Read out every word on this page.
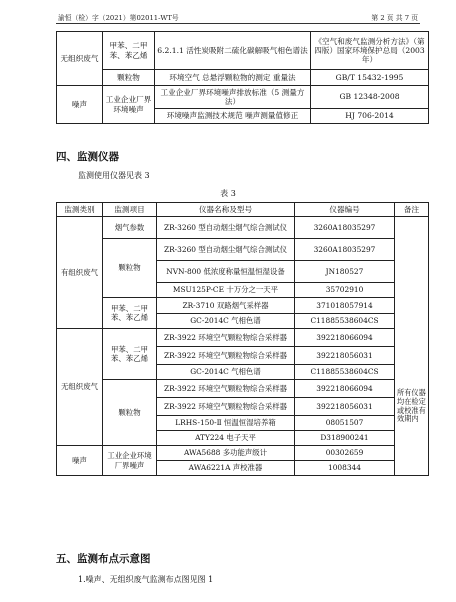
渝恒（检）字（2021）第02011-WT号	第 2 页 共 7 页
无组织废气	甲苯、二甲苯、苯乙烯	6.2.1.1 活性炭吸附二硫化碳解吸气相色谱法	《空气和废气监测分析方法》（第四版）国家环境保护总局（2003 年）
	颗粒物	环境空气 总悬浮颗粒物的测定 重量法	GB/T 15432-1995
噪声	工业企业厂界环境噪声	工业企业厂界环境噪声排放标准（5 测量方法）	GB 12348-2008
		环境噪声监测技术规范 噪声测量值修正	HJ 706-2014
四、监测仪器
监测使用仪器见表 3
表 3
监测类别	监测项目	仪器名称及型号	仪器编号	备注
有组织废气	烟气参数	ZR-3260 型自动烟尘烟气综合测试仪	3260A18035297	所有仪器均在检定或校准有效期内
	颗粒物	ZR-3260 型自动烟尘烟气综合测试仪	3260A18035297	
		NVN-800 低浓度称量恒温恒湿设备	JN180527	
		MSU125P-CE 十万分之一天平	35702910	
	甲苯、二甲苯、苯乙烯	ZR-3710 双路烟气采样器	371018057914	
		GC-2014C 气相色谱	C11885538604CS	
无组织废气	甲苯、二甲苯、苯乙烯	ZR-3922 环境空气颗粒物综合采样器	392218066094	
		ZR-3922 环境空气颗粒物综合采样器	392218056031	
		GC-2014C 气相色谱	C11885538604CS	
	颗粒物	ZR-3922 环境空气颗粒物综合采样器	392218066094	
		ZR-3922 环境空气颗粒物综合采样器	392218056031	
		LRHS-150-Ⅱ 恒温恒湿培养箱	08051507	
		ATY224 电子天平	D318900241	
噪声	工业企业环境厂界噪声	AWA5688 多功能声级计	00302659	
		AWA6221A 声校准器	1008344	
五、监测布点示意图
1.噪声、无组织废气监测布点图见图 1
